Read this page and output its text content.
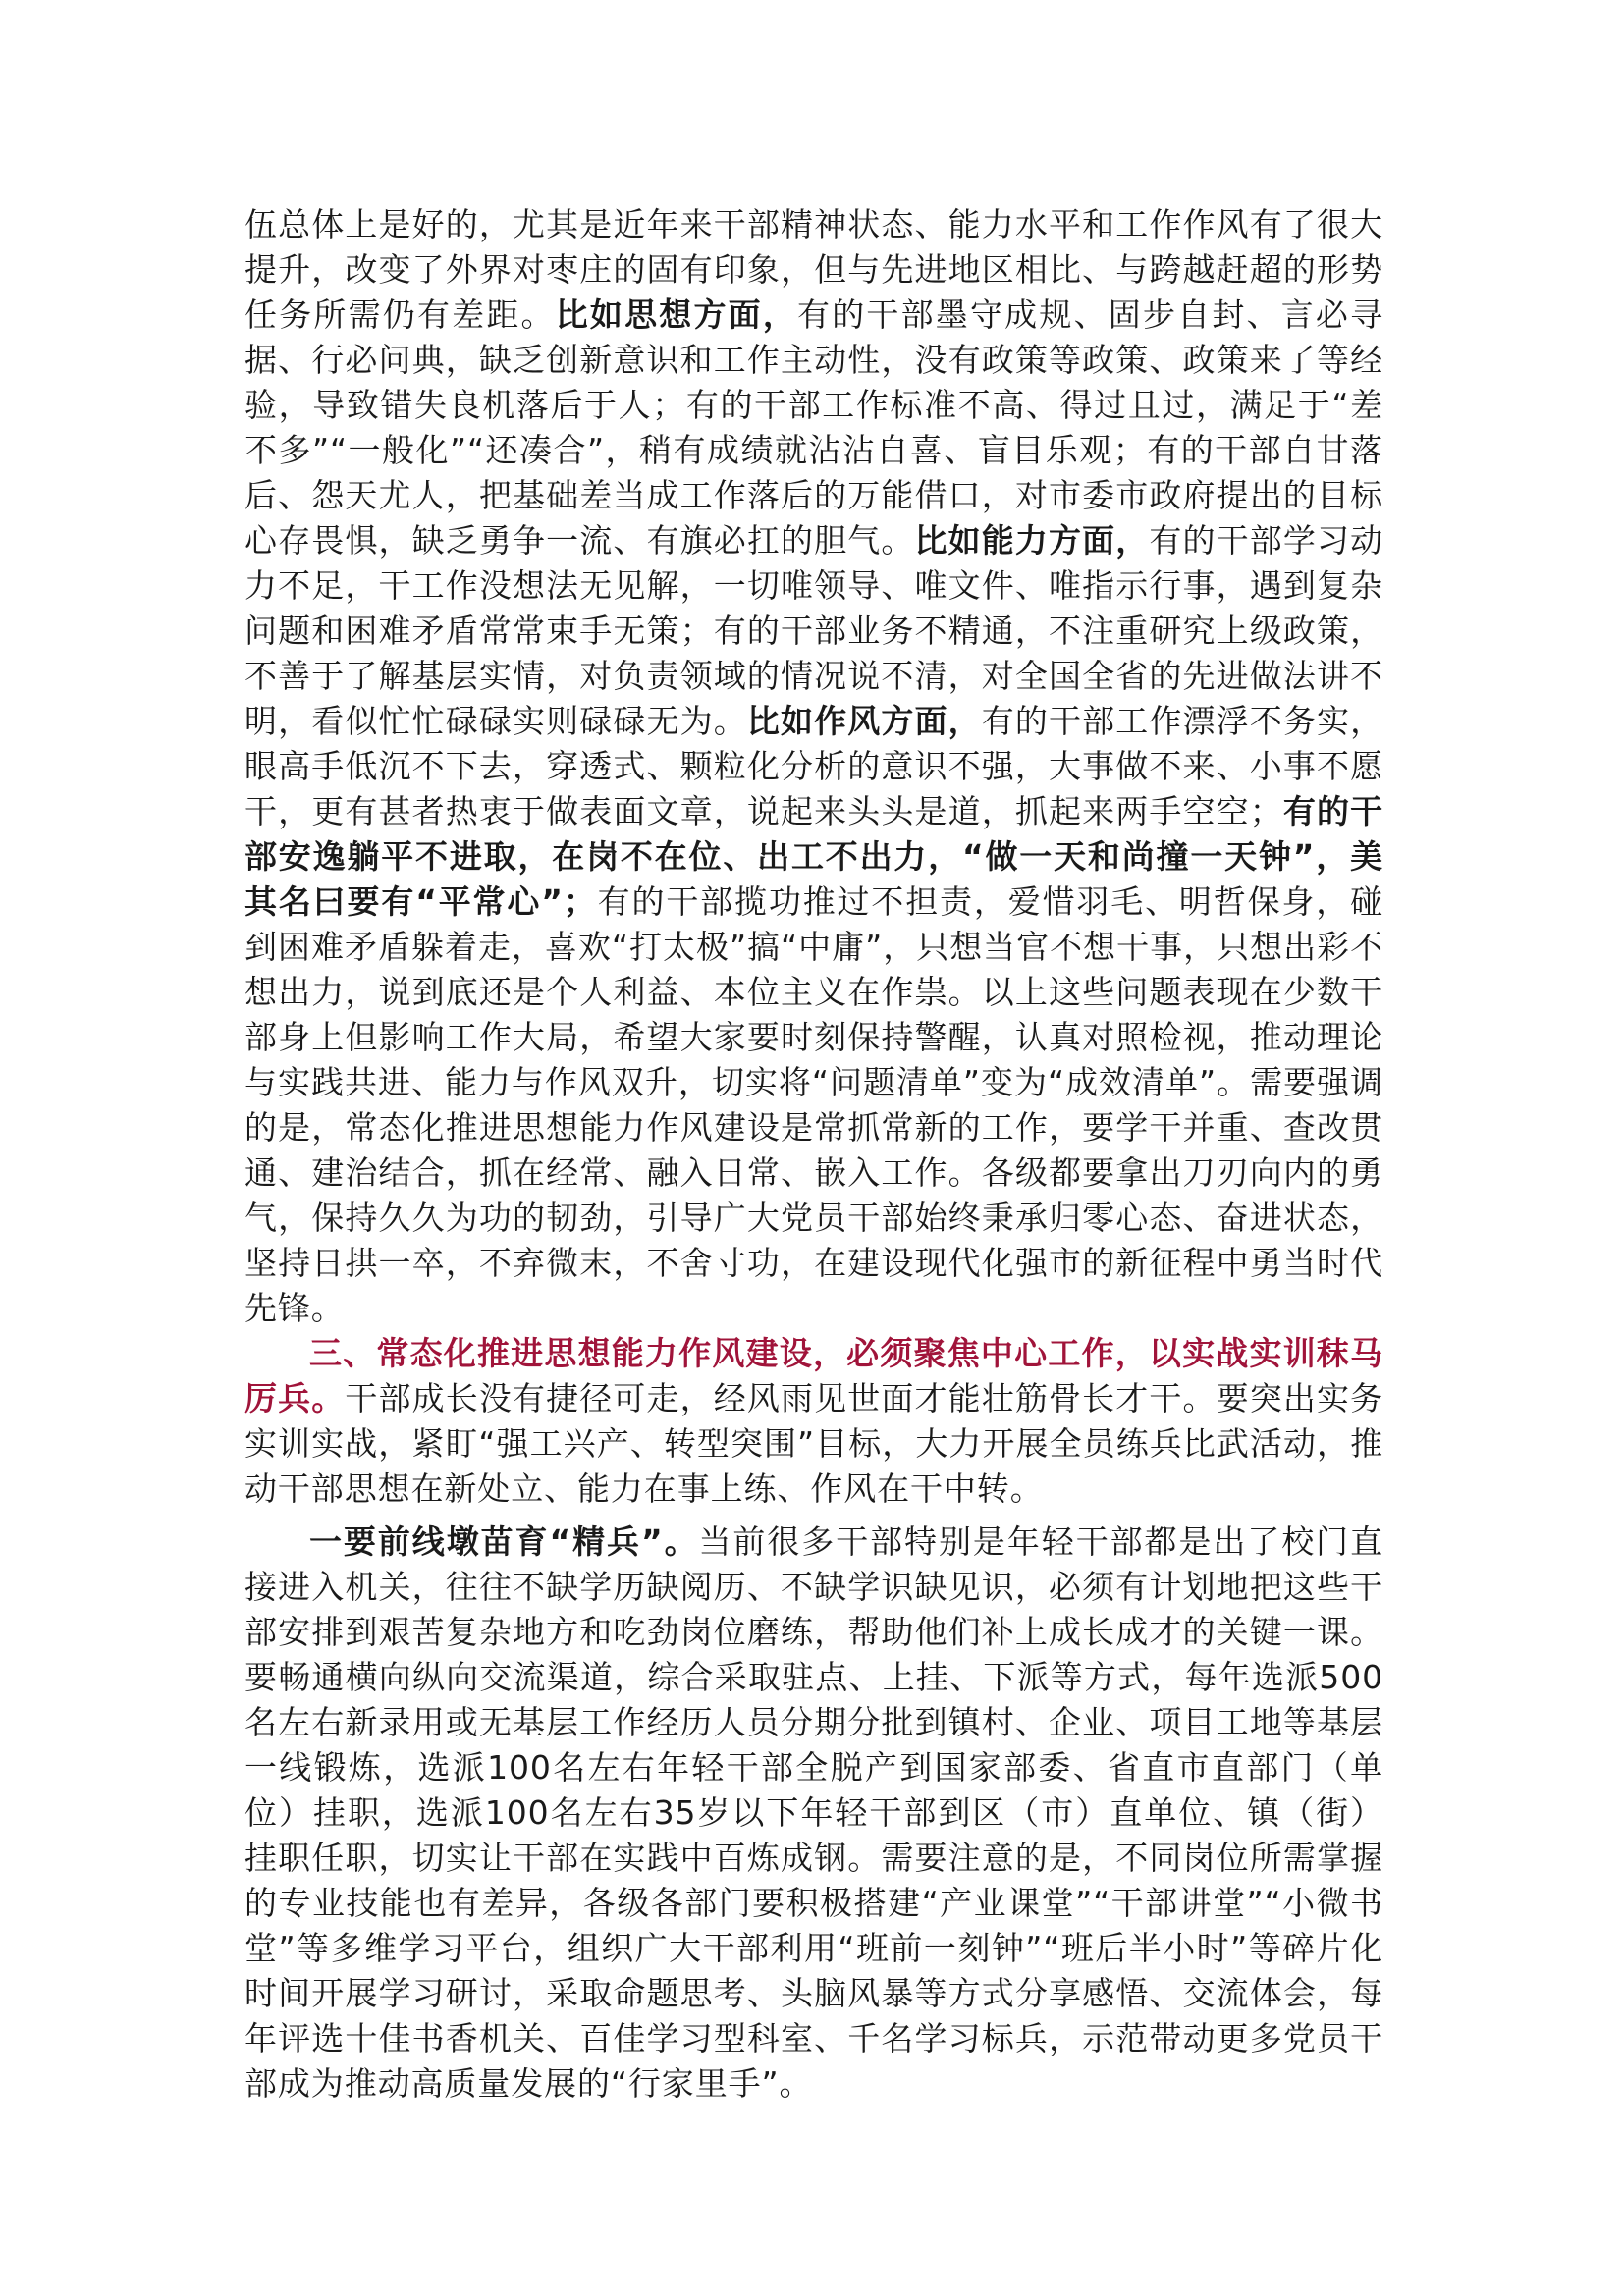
伍总体上是好的，尤其是近年来干部精神状态、能力水平和工作作风有了很大提升，改变了外界对枣庄的固有印象，但与先进地区相比、与跨越赶超的形势任务所需仍有差距。比如思想方面，有的干部墨守成规、固步自封、言必寻据、行必问典，缺乏创新意识和工作主动性，没有政策等政策、政策来了等经验，导致错失良机落后于人；有的干部工作标准不高、得过且过，满足于“差不多”“一般化”“还凑合”，稍有成绩就沾沾自喜、盲目乐观；有的干部自甘落后、怨天尤人，把基础差当成工作落后的万能借口，对市委市政府提出的目标心存畏惧，缺乏勇争一流、有旗必扛的胆气。比如能力方面，有的干部学习动力不足，干工作没想法无见解，一切唯领导、唯文件、唯指示行事，遇到复杂问题和困难矛盾常常束手无策；有的干部业务不精通，不注重研究上级政策，不善于了解基层实情，对负责领域的情况说不清，对全国全省的先进做法讲不明，看似忙忙碌碌实则碌碌无为。比如作风方面，有的干部工作漂浮不务实，眼高手低沉不下去，穿透式、颗粒化分析的意识不强，大事做不来、小事不愿干，更有甚者热衷于做表面文章，说起来头头是道，抓起来两手空空；有的干部安逸躺平不进取，在岗不在位、出工不出力，“做一天和尚撞一天钟”，美其名曰要有“平常心”；有的干部揽功推过不担责，爱惜羽毛、明哲保身，碰到困难矛盾躲着走，喜欢“打太极”搞“中庸”，只想当官不想干事，只想出彩不想出力，说到底还是个人利益、本位主义在作祟。以上这些问题表现在少数干部身上但影响工作大局，希望大家要时刻保持警醒，认真对照检视，推动理论与实践共进、能力与作风双升，切实将“问题清单”变为“成效清单”。需要强调的是，常态化推进思想能力作风建设是常抓常新的工作，要学干并重、查改贯通、建治结合，抓在经常、融入日常、嵌入工作。各级都要拿出刀刃向内的勇气，保持久久为功的韧劲，引导广大党员干部始终秉承归零心态、奋进状态，坚持日拱一卒，不弃微末，不舍寸功，在建设现代化强市的新征程中勇当时代先锋。

三、常态化推进思想能力作风建设，必须聚焦中心工作，以实战实训秣马厉兵。干部成长没有捷径可走，经风雨见世面才能壮筋骨长才干。要突出实务实训实战，紧盯“强工兴产、转型突围”目标，大力开展全员练兵比武活动，推动干部思想在新处立、能力在事上练、作风在干中转。

一要前线墩苗育“精兵”。当前很多干部特别是年轻干部都是出了校门直接进入机关，往往不缺学历缺阅历、不缺学识缺见识，必须有计划地把这些干部安排到艰苦复杂地方和吃劲岗位磨练，帮助他们补上成长成才的关键一课。要畅通横向纵向交流渠道，综合采取驻点、上挂、下派等方式，每年选派500名左右新录用或无基层工作经历人员分期分批到镇村、企业、项目工地等基层一线锻炼，选派100名左右年轻干部全脱产到国家部委、省直市直部门（单位）挂职，选派100名左右35岁以下年轻干部到区（市）直单位、镇（街）挂职任职，切实让干部在实践中百炼成钢。需要注意的是，不同岗位所需掌握的专业技能也有差异，各级各部门要积极搭建“产业课堂”“干部讲堂”“小微书堂”等多维学习平台，组织广大干部利用“班前一刻钟”“班后半小时”等碎片化时间开展学习研讨，采取命题思考、头脑风暴等方式分享感悟、交流体会，每年评选十佳书香机关、百佳学习型科室、千名学习标兵，示范带动更多党员干部成为推动高质量发展的“行家里手”。
